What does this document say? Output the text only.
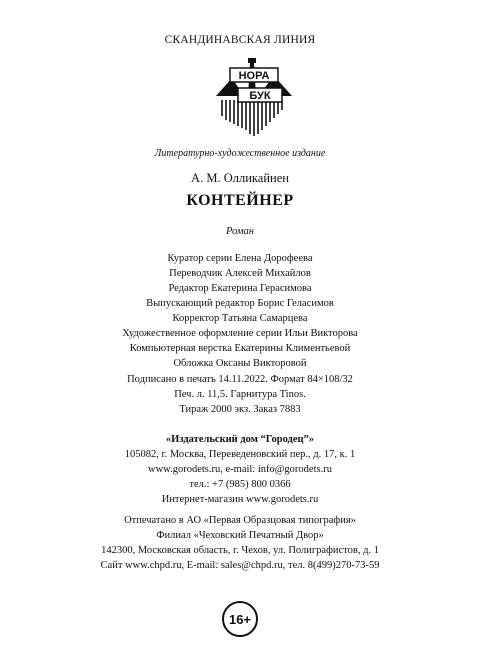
СКАНДИНАВСКАЯ ЛИНИЯ
НОРА
БУК
Литературно-художественное издание
А. М. Олликайнен
КОНТЕЙНЕР
Роман
Куратор серии Елена Дорофеева
Переводчик Алексей Михайлов
Редактор Екатерина Герасимова
Выпускающий редактор Борис Геласимов
Корректор Татьяна Самарцева
Художественное оформление серии Ильи Викторова
Компьютерная верстка Екатерины Климентьевой
Обложка Оксаны Викторовой
Подписано в печать 14.11.2022. Формат 84×108/32
Печ. л. 11,5. Гарнитура Tinos.
Тираж 2000 экз. Заказ 7883
«Издательский дом “Городец”»
105082, г. Москва, Переведеновский пер., д. 17, к. 1
www.gorodets.ru, e-mail: info@gorodets.ru
тел.: +7 (985) 800 0366
Интернет-магазин www.gorodets.ru
Отпечатано в АО «Первая Образцовая типография»
Филиал «Чеховский Печатный Двор»
142300, Московская область, г. Чехов, ул. Полиграфистов, д. 1
Сайт www.chpd.ru, E-mail: sales@chpd.ru, тел. 8(499)270-73-59
16+
